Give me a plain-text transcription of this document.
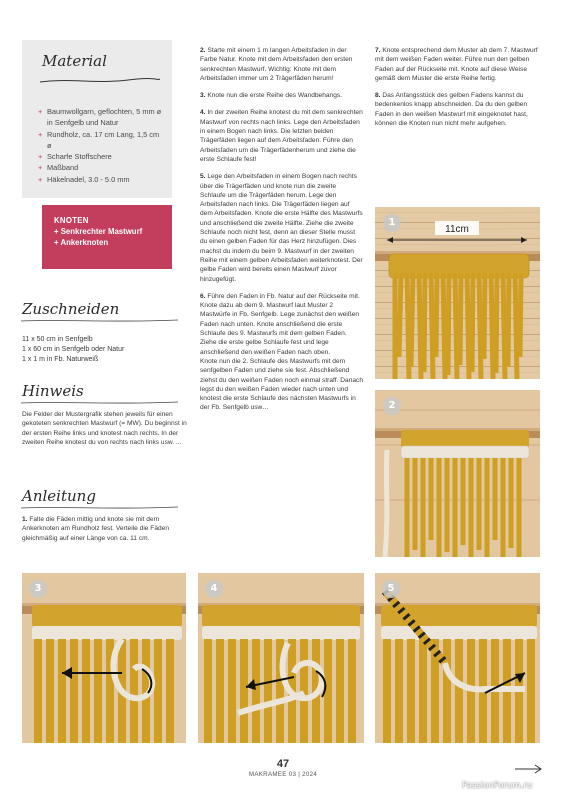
Material
+ Baumwollgarn, geflochten, 5 mm ø in Senfgelb und Natur
+ Rundholz, ca. 17 cm Lang, 1,5 cm ø
+ Scharfe Stoffschere
+ Maßband
+ Häkelnadel, 3.0 - 5.0 mm
KNOTEN
+ Senkrechter Mastwurf
+ Ankerknoten
Zuschneiden
11 x 50 cm in Senfgelb
1 x 60 cm in Senfgelb oder Natur
1 x 1 m in Fb. Naturweiß
Hinweis

Die Felder der Mustergrafik stehen jeweils für einen gekoteten senkrechten Mastwurf (= MW). Du beginnst in der ersten Reihe links und knotest nach rechts. In der zweiten Reihe knotest du von rechts nach links usw. ...

Anleitung

1. Falte die Fäden mittig und knote sie mit dem Ankerknoten am Rundholz fest. Verteile die Fäden gleichmäßig auf einer Länge von ca. 11 cm.

2. Starte mit einem 1 m langen Arbeitsfaden in der Farbe Natur. Knote mit dem Arbeitsfaden den ersten senkrechten Mastwurf. Wichtig: Knote mit dem Arbeitsfaden immer um 2 Trägerfäden herum!

3. Knote nun die erste Reihe des Wandbehangs.

4. In der zweiten Reihe knotest du mit dem senkrechten Mastwurf von rechts nach links. Lege den Arbeitsfaden in einem Bogen nach links. Die letzten beiden Trägerfäden liegen auf dem Arbeitsfaden. Führe den Arbeitsfaden um die Trägerfädenherum und ziehe die erste Schlaufe fest!

5. Lege den Arbeitsfaden in einem Bogen nach rechts über die Trägerfäden und knote nun die zweite Schlaufe um die Trägerfäden herum. Lege den Arbeitsfaden nach links. Die Trägerfäden liegen auf dem Arbeitsfaden. Knote die erste Hälfte des Mastwurfs und anschließend die zweite Hälfte. Ziehe die zweite Schlaufe noch nicht fest, denn an dieser Stelle musst du einen gelben Faden für das Herz hinzufügen. Dies machst du indem du beim 9. Mastwurf in der zweiten Reihe mit einem gelben Arbeitsfaden weiterknotest. Der gelbe Faden wird bereits einen Mastwurf zuvor hinzugefügt.

6. Führe den Faden in Fb. Natur auf der Rückseite mit. Knote dazu ab dem 9. Mastwurf laut Muster 2 Mastwürfe in Fb. Senfgelb. Lege zunächst den weißen Faden nach unten. Knote anschließend die erste Schlaufe des 9. Mastwurfs mit dem gelben Faden. Ziehe die erste gelbe Schlaufe fest und lege anschließend den weißen Faden nach oben.

Knote nun die 2. Schlaufe des Mastwurfs mit dem senfgelben Faden und ziehe sie fest. Abschließend ziehst du den weißen Faden noch einmal straff. Danach legst du den weißen Faden wieder nach unten und knotest die erste Schlaufe des nächsten Mastwurfs in der Fb. Senfgelb usw…

7. Knote entsprechend dem Muster ab dem 7. Mastwurf mit dem weißen Faden weiter. Führe nun den gelben Faden auf der Rückseite mit. Knote auf diese Weise gemäß dem Muster die erste Reihe fertig.

8. Das Anfangsstück des gelben Fadens kannst du bedenkenlos knapp abschneiden. Da du den gelben Faden in den weißen Mastwurf mit eingeknotet hast, können die Knoten nun nicht mehr aufgehen.

11cm
1
2
3	4	5
47
MAKRAMEE 03 | 2024
PassionForum.ru
